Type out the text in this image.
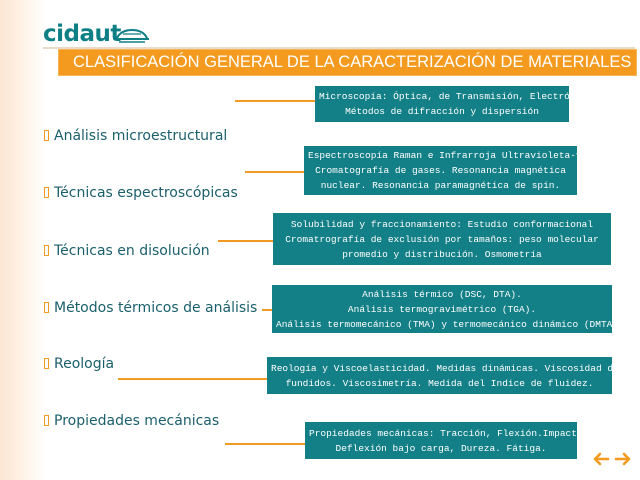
cidaut
CLASIFICACIÓN GENERAL DE LA CARACTERIZACIÓN DE MATERIALES
Análisis microestructural
Técnicas espectroscópicas
Técnicas en disolución
Métodos térmicos de análisis
Reología
Propiedades mecánicas
Microscopía: Óptica, de Transmisión, Electrónica.
Métodos de difracción y dispersión
Espectroscopía Raman e Infrarroja Ultravioleta-visible.
Cromatografía de gases. Resonancia magnética
nuclear. Resonancia paramagnética de spin.
Solubilidad y fraccionamiento: Estudio conformacional
Cromatrografía de exclusión por tamaños: peso molecular
promedio y distribución. Osmometría
Análisis térmico (DSC, DTA).
Análisis termogravimétrico (TGA).
Análisis termomecánico (TMA) y termomecánico dinámico (DMTA).
Reología y Viscoelasticidad. Medidas dinámicas. Viscosidad de
fundidos. Viscosimetría. Medida del Indice de fluidez.
Propiedades mecánicas: Tracción, Flexión.Impacto,
Deflexión bajo carga, Dureza. Fátiga.
